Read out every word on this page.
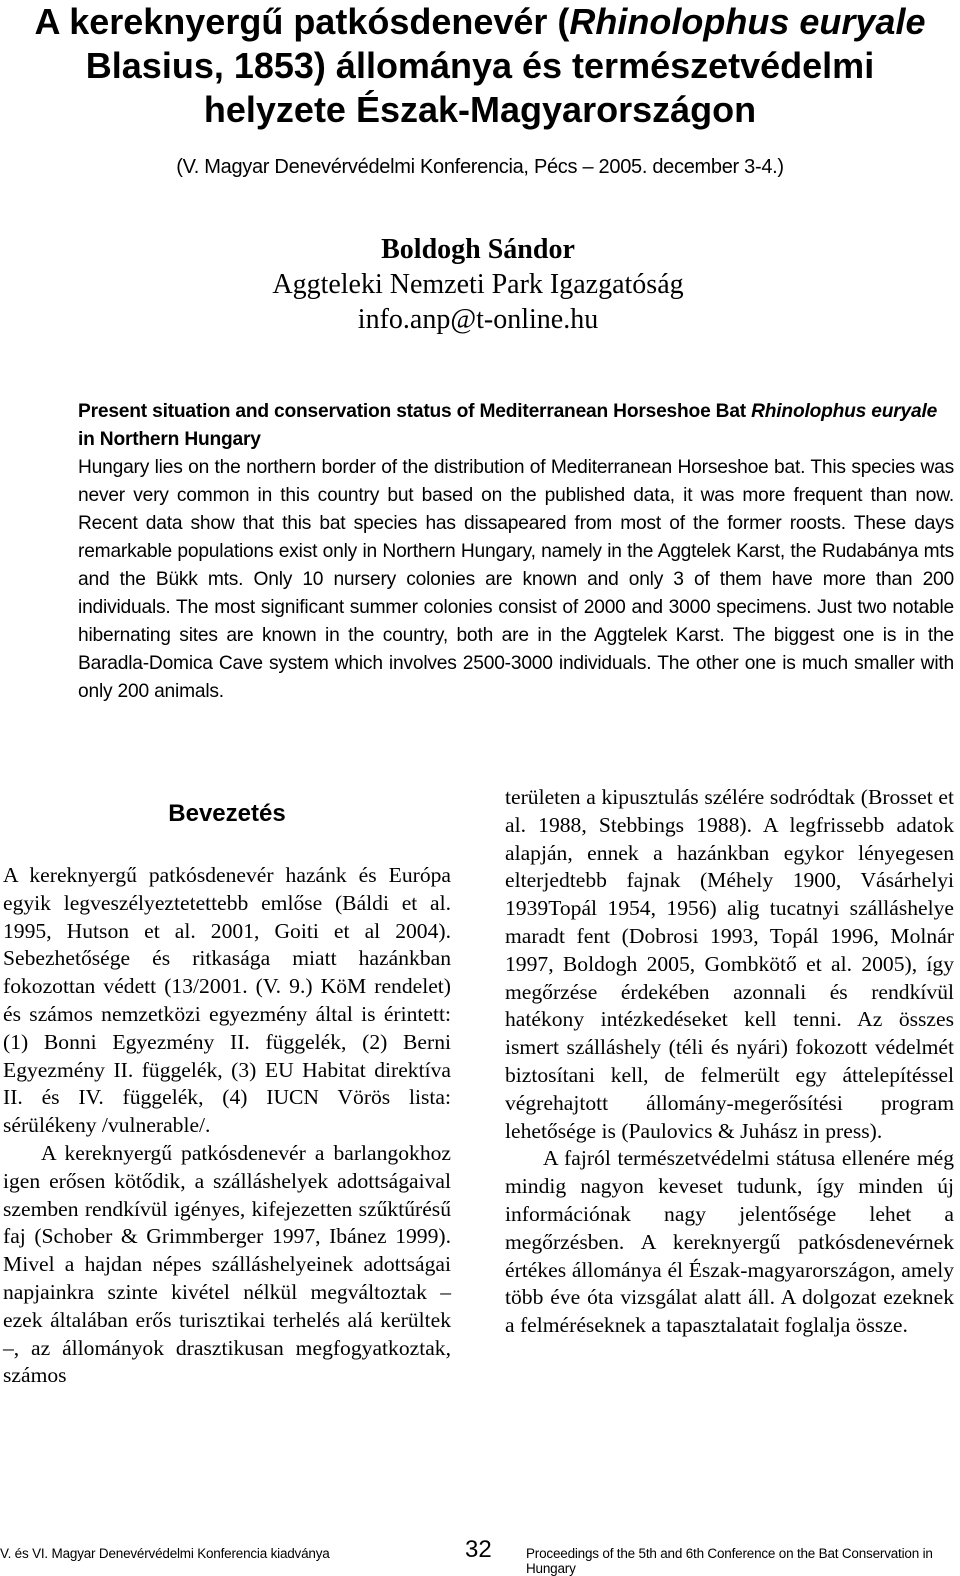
A kereknyergű patkósdenevér (Rhinolophus euryale
Blasius, 1853) állománya és természetvédelmi
helyzete Észak-Magyarországon
(V. Magyar Denevérvédelmi Konferencia, Pécs – 2005. december 3-4.)
Boldogh Sándor
Aggteleki Nemzeti Park Igazgatóság
info.anp@t-online.hu
Present situation and conservation status of Mediterranean Horseshoe Bat Rhinolophus euryale in Northern Hungary

Hungary lies on the northern border of the distribution of Mediterranean Horseshoe bat. This species was never very common in this country but based on the published data, it was more frequent than now. Recent data show that this bat species has dissapeared from most of the former roosts. These days remarkable populations exist only in Northern Hungary, namely in the Aggtelek Karst, the Rudabánya mts and the Bükk mts. Only 10 nursery colonies are known and only 3 of them have more than 200 individuals. The most significant summer colonies consist of 2000 and 3000 specimens. Just two notable hibernating sites are known in the country, both are in the Aggtelek Karst. The biggest one is in the Baradla-Domica Cave system which involves 2500-3000 individuals. The other one is much smaller with only 200 animals.

Bevezetés

A kereknyergű patkósdenevér hazánk és Európa egyik legveszélyeztetettebb emlőse (Báldi et al. 1995, Hutson et al. 2001, Goiti et al 2004). Sebezhetősége és ritkasága miatt hazánkban fokozottan védett (13/2001. (V. 9.) KöM rendelet) és számos nemzetközi egyezmény által is érintett: (1) Bonni Egyezmény II. függelék, (2) Berni Egyezmény II. függelék, (3) EU Habitat direktíva II. és IV. függelék, (4) IUCN Vörös lista: sérülékeny /vulnerable/.

A kereknyergű patkósdenevér a barlangokhoz igen erősen kötődik, a szálláshelyek adottságaival szemben rendkívül igényes, kifejezetten szűktűrésű faj (Schober & Grimmberger 1997, Ibánez 1999). Mivel a hajdan népes szálláshelyeinek adottságai napjainkra szinte kivétel nélkül megváltoztak – ezek általában erős turisztikai terhelés alá kerültek –, az állományok drasztikusan megfogyatkoztak, számos

területen a kipusztulás szélére sodródtak (Brosset et al. 1988, Stebbings 1988). A legfrissebb adatok alapján, ennek a hazánkban egykor lényegesen elterjedtebb fajnak (Méhely 1900, Vásárhelyi 1939Topál 1954, 1956) alig tucatnyi szálláshelye maradt fent (Dobrosi 1993, Topál 1996, Molnár 1997, Boldogh 2005, Gombkötő et al. 2005), így megőrzése érdekében azonnali és rendkívül hatékony intézkedéseket kell tenni. Az összes ismert szálláshely (téli és nyári) fokozott védelmét biztosítani kell, de felmerült egy áttelepítéssel végrehajtott állomány-megerősítési program lehetősége is (Paulovics & Juhász in press).

A fajról természetvédelmi státusa ellenére még mindig nagyon keveset tudunk, így minden új információnak nagy jelentősége lehet a megőrzésben. A kereknyergű patkósdenevérnek értékes állománya él Észak-magyarországon, amely több éve óta vizsgálat alatt áll. A dolgozat ezeknek a felméréseknek a tapasztalatait foglalja össze.

V. és VI. Magyar Denevérvédelmi Konferencia kiadványa	32	Proceedings of the 5th and 6th Conference on the Bat Conservation in Hungary
